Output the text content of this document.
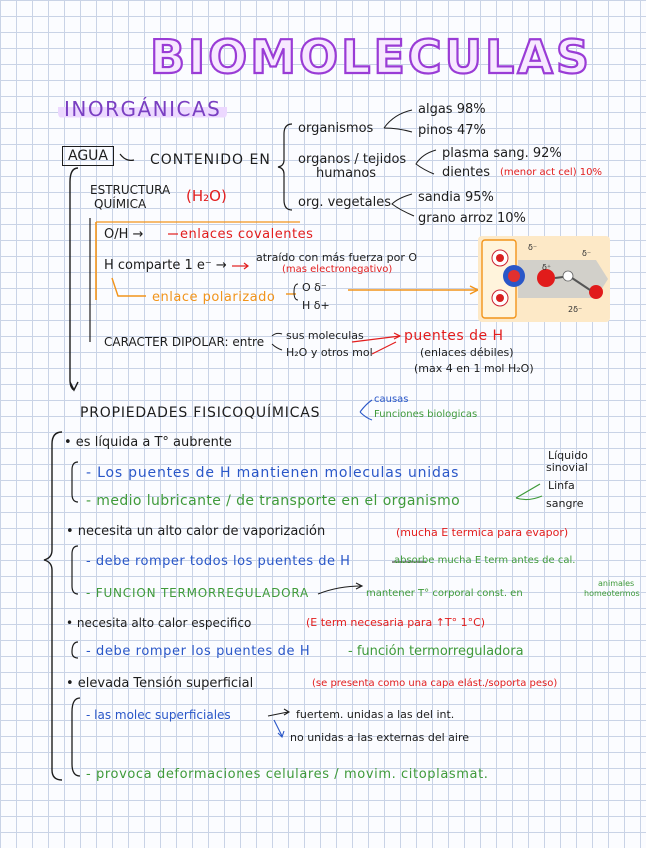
BIOMOLECULAS
INORGÁNICAS
AGUA	CONTENIDO EN
organismos
algas 98%
pinos 47%
organos / tejidos
humanos
plasma sang. 92%
dientes (menor act cel) 10%
org. vegetales sandia 95%
grano arroz 10%
ESTRUCTURA
QUÍMICA	(H₂O)
O/H →	enlaces covalentes
H comparte 1 e⁻ →
atraído con más fuerza por O
(mas electronegativo)
enlace polarizado
O δ⁻
H δ+
δ⁻
δ⁻
2δ⁻
δ⁺
CARACTER DIPOLAR: entre sus moleculas
H₂O y otros mol
puentes de H
(enlaces débiles)
(max 4 en 1 mol H₂O)
PROPIEDADES FISICOQUÍMICAS
causas
Funciones biologicas
• es líquida a T° aubrente
- Los puentes de H mantienen moleculas unidas
- medio lubricante / de transporte en el organismo
Líquido
sinovial
Linfa
sangre
• necesita un alto calor de vaporización	(mucha E termica para evapor)
- debe romper todos los puentes de H	absorbe mucha E term antes de cal.
- FUNCION TERMORREGULADORA	mantener T° corporal const. en
animales
homeotermos
• necesita alto calor especifico	(E term necesaria para ↑T° 1°C)
- debe romper los puentes de H	- función termorreguladora
• elevada Tensión superficial	(se presenta como una capa elást./soporta peso)
- las molec superficiales	fuertem. unidas a las del int.
no unidas a las externas del aire
- provoca deformaciones celulares / movim. citoplasmat.
